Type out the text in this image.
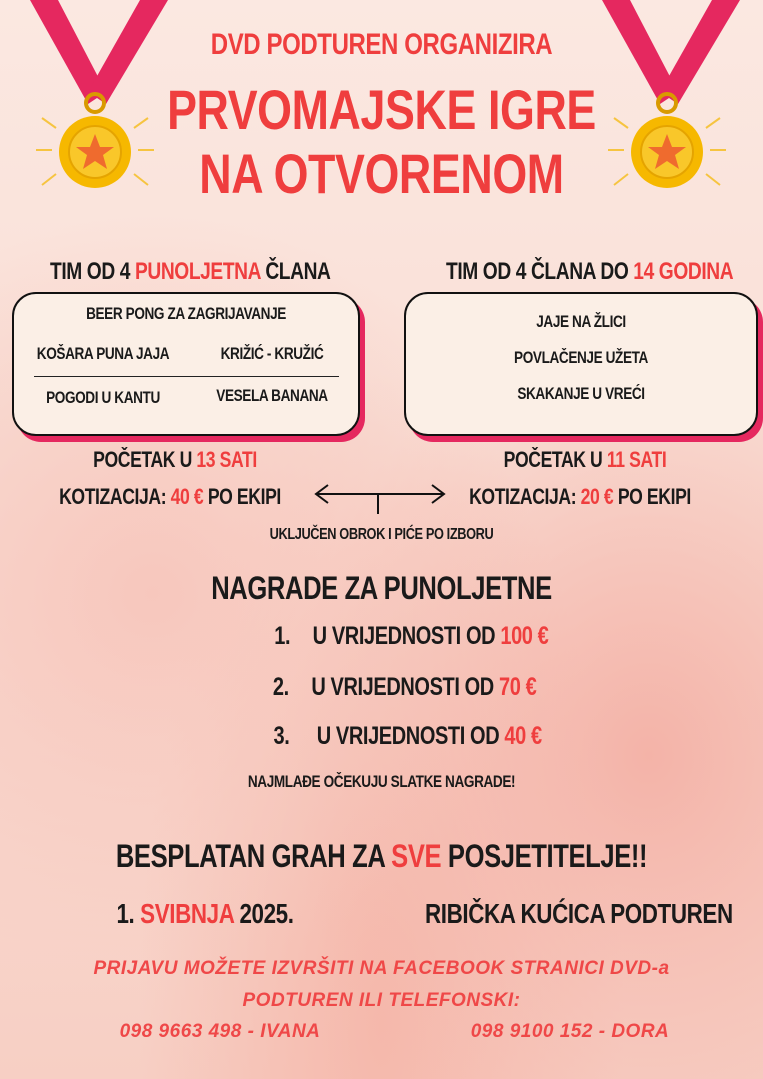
DVD PODTUREN ORGANIZIRA
PRVOMAJSKE IGRE
NA OTVORENOM
TIM OD 4 PUNOLJETNA ČLANA	TIM OD 4 ČLANA DO 14 GODINA
BEER PONG ZA ZAGRIJAVANJE
KOŠARA PUNA JAJA	KRIŽIĆ - KRUŽIĆ
POGODI U KANTU	VESELA BANANA
JAJE NA ŽLICI
POVLAČENJE UŽETA
SKAKANJE U VREĆI
POČETAK U 13 SATI
KOTIZACIJA: 40 € PO EKIPI
POČETAK U 11 SATI
KOTIZACIJA: 20 € PO EKIPI
UKLJUČEN OBROK I PIĆE PO IZBORU
NAGRADE ZA PUNOLJETNE
1. U VRIJEDNOSTI OD 100 €
2. U VRIJEDNOSTI OD 70 €
3. U VRIJEDNOSTI OD 40 €
NAJMLAĐE OČEKUJU SLATKE NAGRADE!
BESPLATAN GRAH ZA SVE POSJETITELJE!!
1. SVIBNJA 2025.	RIBIČKA KUĆICA PODTUREN
PRIJAVU MOŽETE IZVRŠITI NA FACEBOOK STRANICI DVD-a
PODTUREN ILI TELEFONSKI:
098 9663 498 - IVANA	098 9100 152 - DORA
